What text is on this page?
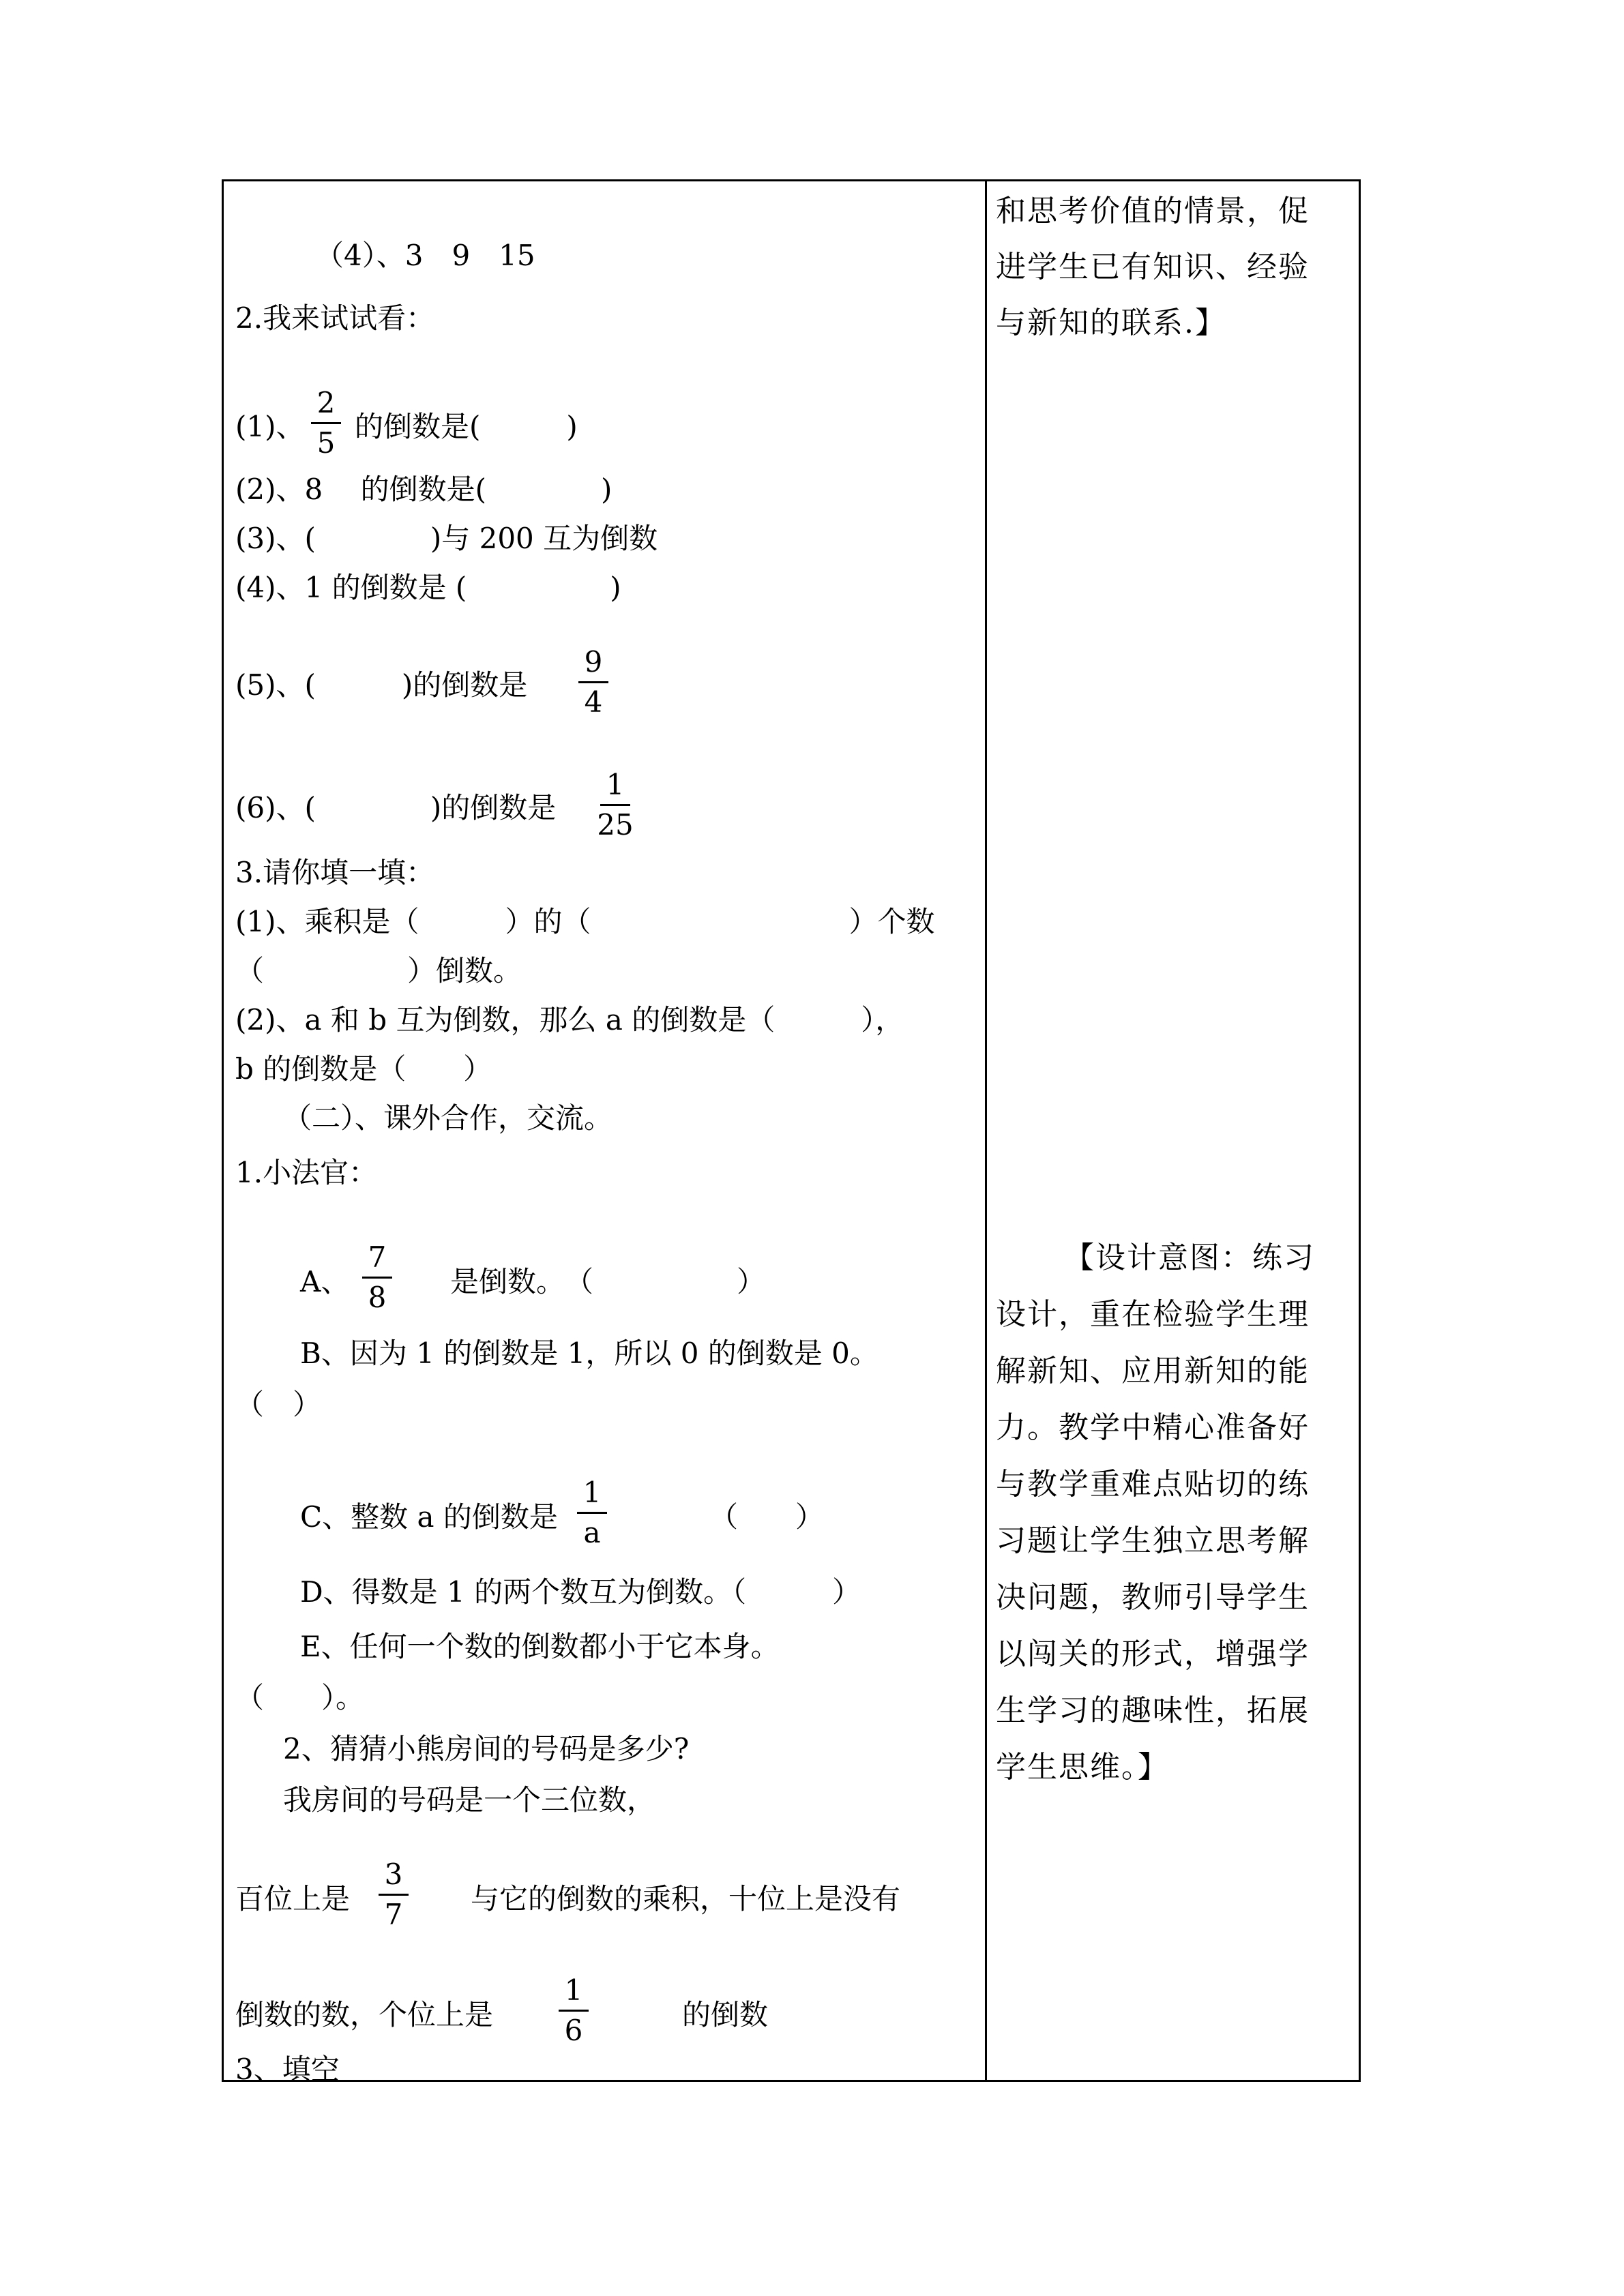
（4）、3　9　15
2.我来试试看：
(1)、
2
5 的倒数是(　　　)
(2)、8　 的倒数是(　　　　)
(3)、(　　　　)与 200 互为倒数
(4)、1 的倒数是 (　　　　　)
(5)、(　　　)的倒数是
9
4
(6)、(　　　　)的倒数是
1
25
3.请你填一填：
(1)、乘积是（　　　）的（　　　　　　　　　）个数
（　　　　　）倒数。
(2)、a 和 b 互为倒数，那么 a 的倒数是（　　　），
b 的倒数是（　　）
（二）、课外合作，交流。
1.小法官：
A、
7
8	是倒数。　（　　　　　）
B、因为 1 的倒数是 1，所以 0 的倒数是 0。
（　）
C、整数 a 的倒数是
1
a	（　　）
D、得数是 1 的两个数互为倒数。（　　　）
E、任何一个数的倒数都小于它本身。
（　　）。
2、猜猜小熊房间的号码是多少?
我房间的号码是一个三位数，
百位上是
3
7	与它的倒数的乘积，十位上是没有
倒数的数，个位上是
1
6	的倒数
3、填空
和思考价值的情景，促
进学生已有知识、经验
与新知的联系.】
【设计意图：练习
设计，重在检验学生理
解新知、应用新知的能
力。教学中精心准备好
与教学重难点贴切的练
习题让学生独立思考解
决问题，教师引导学生
以闯关的形式，增强学
生学习的趣味性，拓展
学生思维。】
